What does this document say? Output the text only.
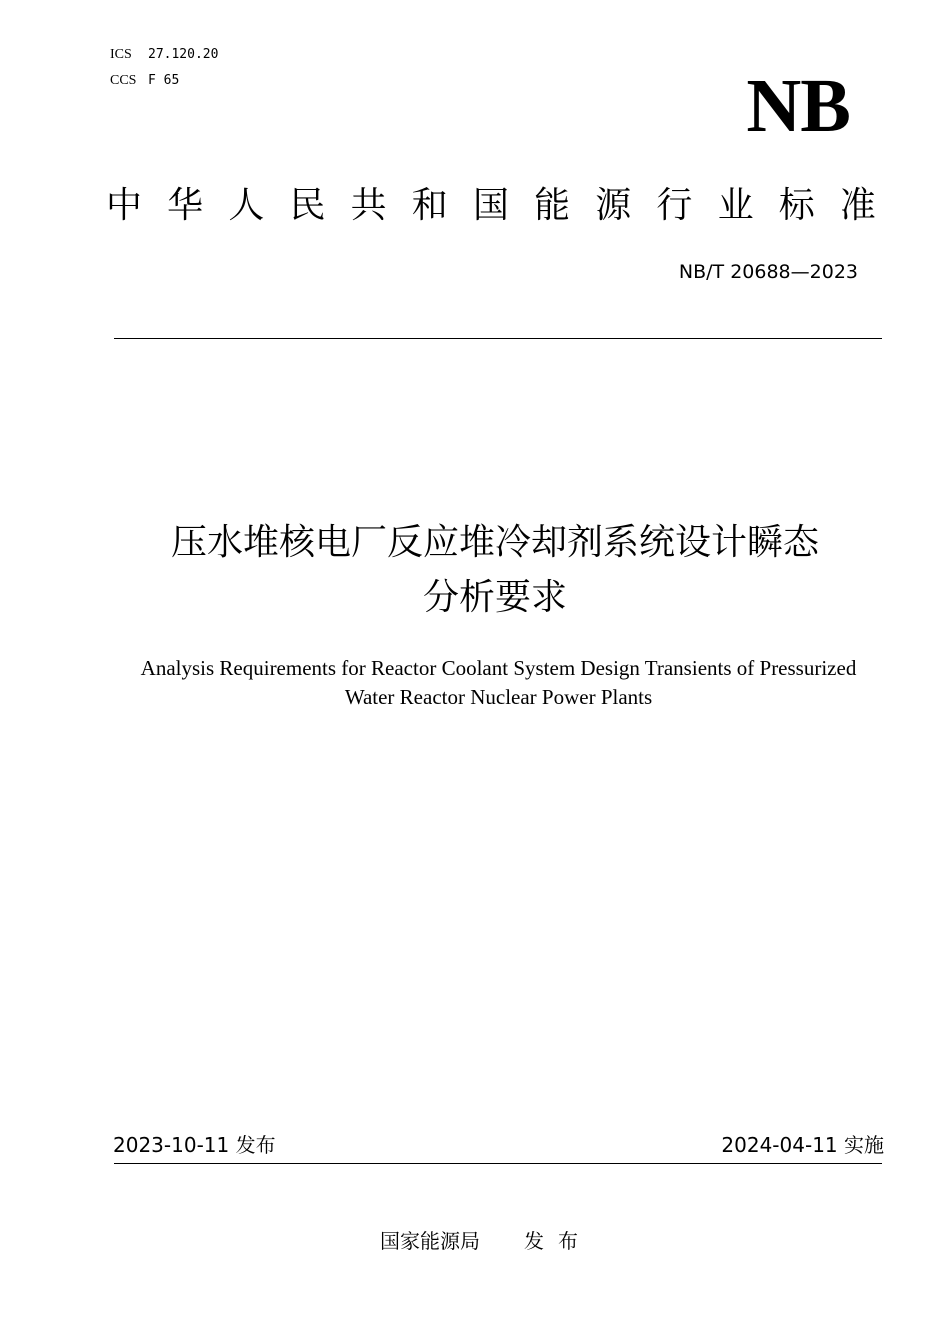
ICS 27.120.20
CCS F 65	NB
中 华 人 民 共 和 国 能 源 行 业 标 准
NB/T 20688—2023
压水堆核电厂反应堆冷却剂系统设计瞬态
分析要求
Analysis Requirements for Reactor Coolant System Design Transients of Pressurized
Water Reactor Nuclear Power Plants
2023-10-11 发布	2024-04-11 实施
国家能源局 发布
